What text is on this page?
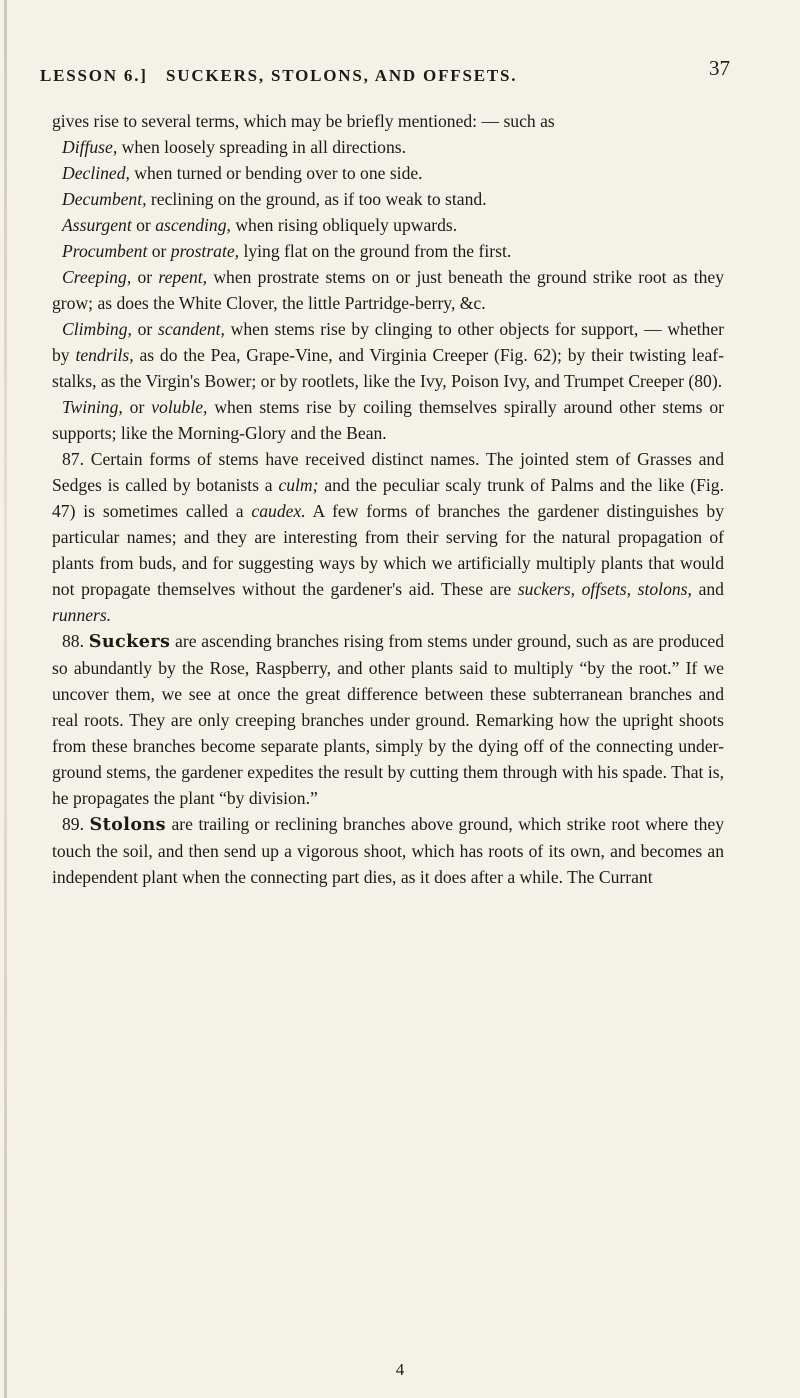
LESSON 6.] SUCKERS, STOLONS, AND OFFSETS.	37

gives rise to several terms, which may be briefly mentioned: — such as

Diffuse, when loosely spreading in all directions.

Declined, when turned or bending over to one side.

Decumbent, reclining on the ground, as if too weak to stand.

Assurgent or ascending, when rising obliquely upwards.

Procumbent or prostrate, lying flat on the ground from the first.

Creeping, or repent, when prostrate stems on or just beneath the ground strike root as they grow; as does the White Clover, the little Partridge-berry, &c.

Climbing, or scandent, when stems rise by clinging to other objects for support, — whether by tendrils, as do the Pea, Grape-Vine, and Virginia Creeper (Fig. 62); by their twisting leaf-stalks, as the Virgin's Bower; or by rootlets, like the Ivy, Poison Ivy, and Trumpet Creeper (80).

Twining, or voluble, when stems rise by coiling themselves spirally around other stems or supports; like the Morning-Glory and the Bean.

87. Certain forms of stems have received distinct names. The jointed stem of Grasses and Sedges is called by botanists a culm; and the peculiar scaly trunk of Palms and the like (Fig. 47) is sometimes called a caudex. A few forms of branches the gardener distinguishes by particular names; and they are interesting from their serving for the natural propagation of plants from buds, and for suggesting ways by which we artificially multiply plants that would not propagate themselves without the gardener's aid. These are suckers, offsets, stolons, and runners.

88. Suckers are ascending branches rising from stems under ground, such as are produced so abundantly by the Rose, Raspberry, and other plants said to multiply “by the root.” If we uncover them, we see at once the great difference between these subterranean branches and real roots. They are only creeping branches under ground. Remarking how the upright shoots from these branches become separate plants, simply by the dying off of the connecting under-ground stems, the gardener expedites the result by cutting them through with his spade. That is, he propagates the plant “by division.”

89. Stolons are trailing or reclining branches above ground, which strike root where they touch the soil, and then send up a vigorous shoot, which has roots of its own, and becomes an independent plant when the connecting part dies, as it does after a while. The Currant

4
